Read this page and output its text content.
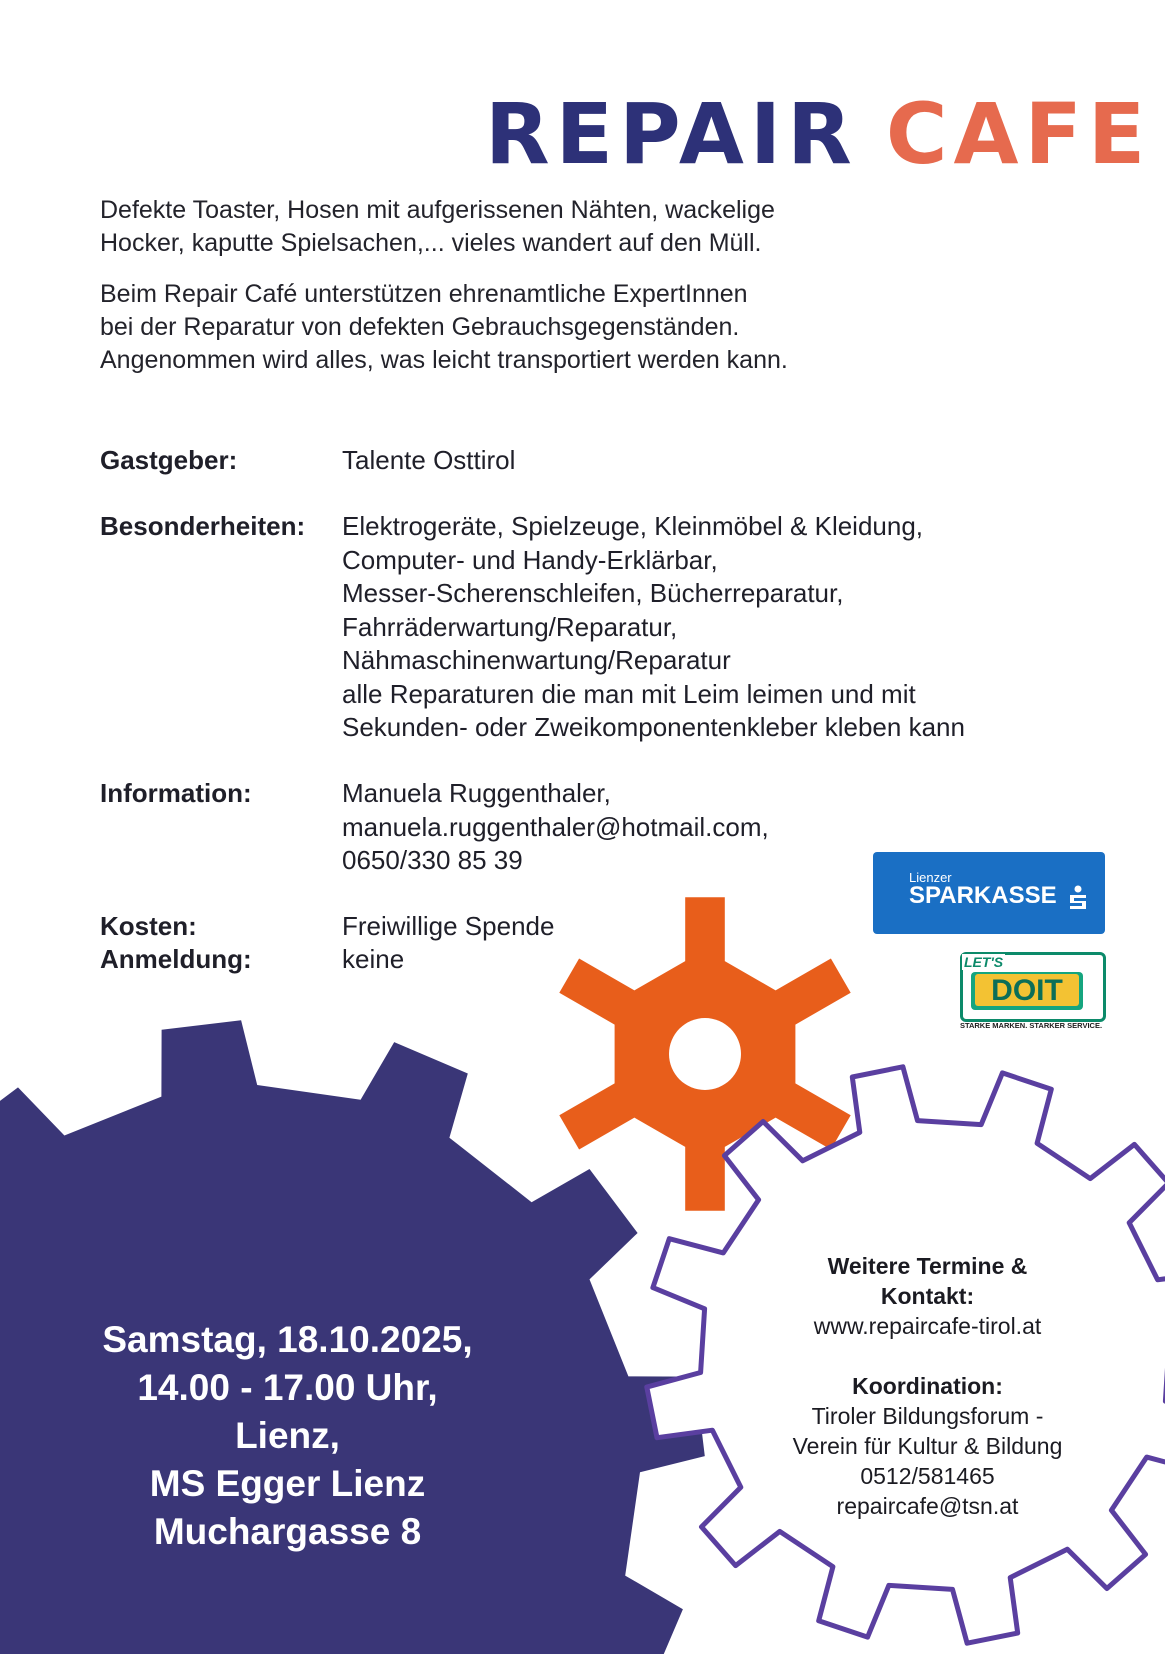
REPAIR CAFE

Defekte Toaster, Hosen mit aufgerissenen Nähten, wackelige

Hocker, kaputte Spielsachen,... vieles wandert auf den Müll.

Beim Repair Café unterstützen ehrenamtliche ExpertInnen

bei der Reparatur von defekten Gebrauchsgegenständen.

Angenommen wird alles, was leicht transportiert werden kann.

Gastgeber:	Talente Osttirol
Besonderheiten: Elektrogeräte, Spielzeuge, Kleinmöbel & Kleidung,
Computer- und Handy-Erklärbar,
Messer-Scherenschleifen, Bücherreparatur,
Fahrräderwartung/Reparatur,
Nähmaschinenwartung/Reparatur
alle Reparaturen die man mit Leim leimen und mit
Sekunden- oder Zweikomponentenkleber kleben kann
Information:	Manuela Ruggenthaler,
manuela.ruggenthaler@hotmail.com,
0650/330 85 39
Kosten:	Freiwillige Spende
Anmeldung:	keine
Lienzer
SPARKASSE
LET'S
DOIT
STARKE MARKEN. STARKER SERVICE.
Samstag, 18.10.2025,
14.00 - 17.00 Uhr,
Lienz,
MS Egger Lienz
Muchargasse 8
Weitere Termine &
Kontakt:
www.repaircafe-tirol.at
Koordination:
Tiroler Bildungsforum -
Verein für Kultur & Bildung
0512/581465
repaircafe@tsn.at
